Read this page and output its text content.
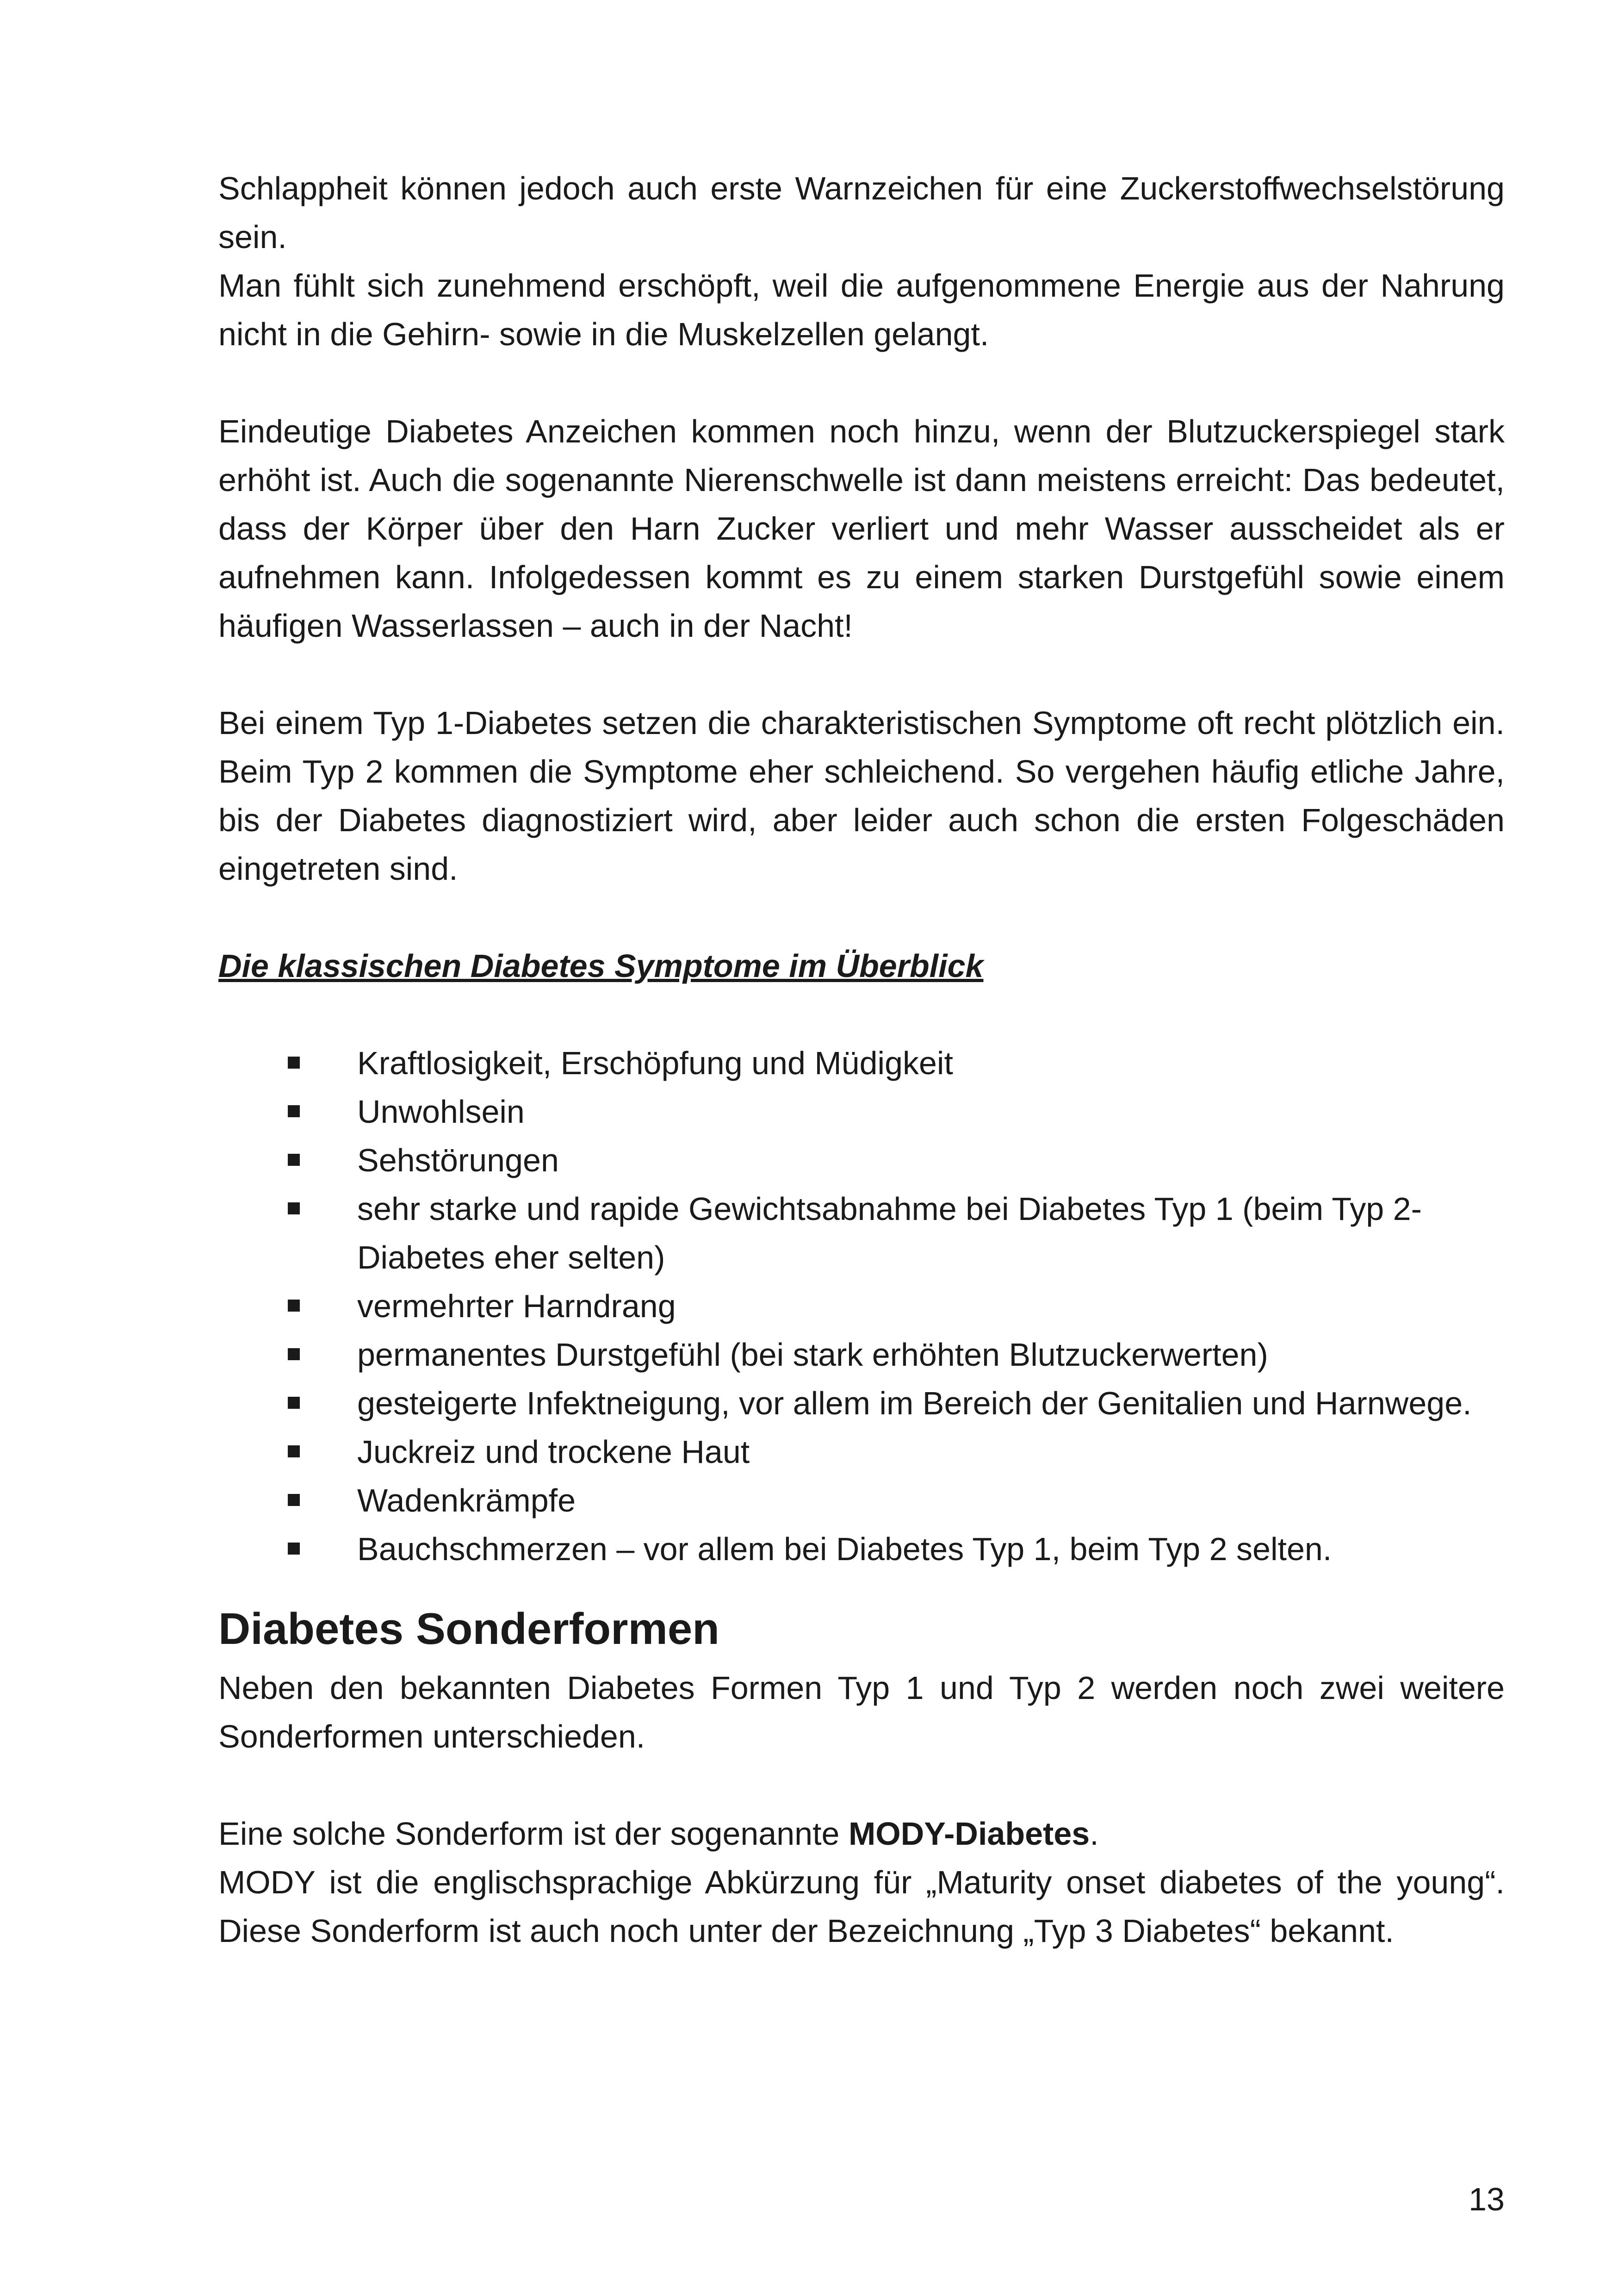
Schlappheit können jedoch auch erste Warnzeichen für eine Zuckerstoffwechselstörung sein.

Man fühlt sich zunehmend erschöpft, weil die aufgenommene Energie aus der Nahrung nicht in die Gehirn- sowie in die Muskelzellen gelangt.

Eindeutige Diabetes Anzeichen kommen noch hinzu, wenn der Blutzuckerspiegel stark erhöht ist. Auch die sogenannte Nierenschwelle ist dann meistens erreicht: Das bedeutet, dass der Körper über den Harn Zucker verliert und mehr Wasser ausscheidet als er aufnehmen kann. Infolgedessen kommt es zu einem starken Durstgefühl sowie einem häufigen Wasserlassen – auch in der Nacht!

Bei einem Typ 1-Diabetes setzen die charakteristischen Symptome oft recht plötzlich ein. Beim Typ 2 kommen die Symptome eher schleichend. So vergehen häufig etliche Jahre, bis der Diabetes diagnostiziert wird, aber leider auch schon die ersten Folgeschäden eingetreten sind.

Die klassischen Diabetes Symptome im Überblick

Kraftlosigkeit, Erschöpfung und Müdigkeit
Unwohlsein
Sehstörungen
sehr starke und rapide Gewichtsabnahme bei Diabetes Typ 1 (beim Typ 2-Diabetes eher selten)
vermehrter Harndrang
permanentes Durstgefühl (bei stark erhöhten Blutzuckerwerten)
gesteigerte Infektneigung, vor allem im Bereich der Genitalien und Harnwege.
Juckreiz und trockene Haut
Wadenkrämpfe
Bauchschmerzen – vor allem bei Diabetes Typ 1, beim Typ 2 selten.
Diabetes Sonderformen

Neben den bekannten Diabetes Formen Typ 1 und Typ 2 werden noch zwei weitere Sonderformen unterschieden.

Eine solche Sonderform ist der sogenannte MODY-Diabetes.

MODY ist die englischsprachige Abkürzung für „Maturity onset diabetes of the young“. Diese Sonderform ist auch noch unter der Bezeichnung „Typ 3 Diabetes“ bekannt.

13
